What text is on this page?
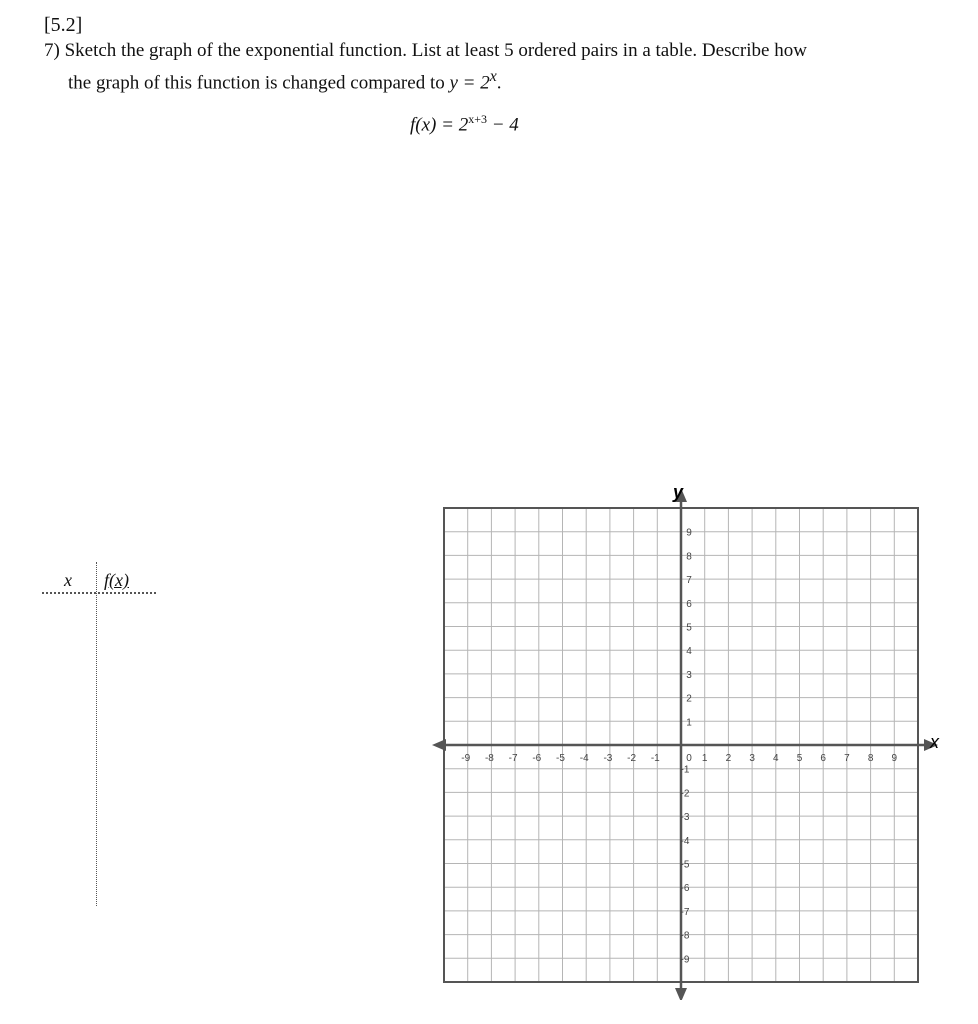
[5.2]
7) Sketch the graph of the exponential function. List at least 5 ordered pairs in a table. Describe how
the graph of this function is changed compared to $y = 2^x$.
$f(x) = 2^{x+3} - 4$
x f(x)
-9 -8 -7 -6 -5 -4 -3 -2 -1	0 1 2 3 4 5 6 7 8 9
1
2
3
4
5
6
7
8
9
-1
-2
-3
-4
-5
-6
-7
-8
-9
x
y
